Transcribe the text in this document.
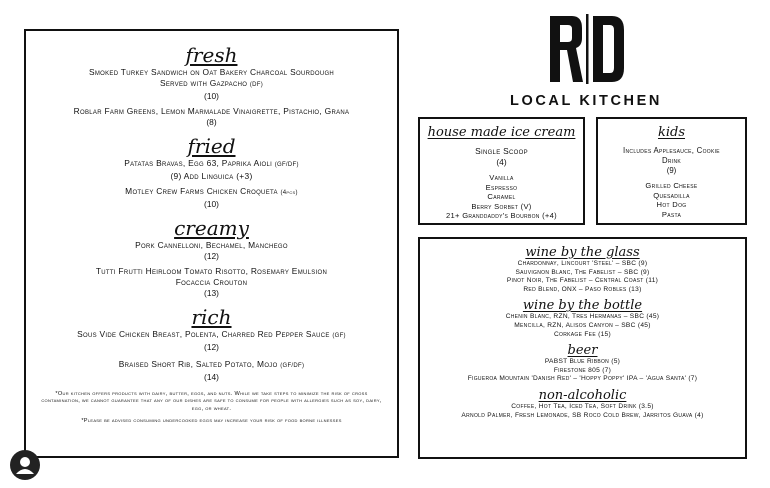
fresh

Smoked Turkey Sandwich on Oat Bakery Charcoal Sourdough

Served with Gazpacho (DF)

(10)

Roblar Farm Greens, Lemon Marmalade Vinaigrette, Pistachio, Grana

(8)

fried

Patatas Bravas, Egg 63, Paprika Aioli (GF/DF)

(9) Add Linguica (+3)

Motley Crew Farms Chicken Croqueta (4pcs)

(10)

creamy

Pork Cannelloni, Bechamel, Manchego

(12)

Tutti Frutti Heirloom Tomato Risotto, Rosemary Emulsion

Focaccia Crouton

(13)

rich

Sous Vide Chicken Breast, Polenta, Charred Red Pepper Sauce (GF)

(12)

Braised Short Rib, Salted Potato, Mojo (GF/DF)

(14)

*Our kitchen offers products with dairy, butter, eggs, and nuts. While we take steps to minimize the risk of cross contamination, we cannot guarantee that any of our dishes are safe to consume for people with allergies such as soy, dairy, egg, or wheat.

*Please be advised consuming undercooked eggs may increase your risk of food borne illnesses

LOCAL KITCHEN

house made ice cream

Single Scoop

(4)

Vanilla

Espresso

Caramel

Berry Sorbet (V)

21+ Granddaddy's Bourbon (+4)

kids

Includes Applesauce, Cookie

Drink

(9)

Grilled Cheese

Quesadilla

Hot Dog

Pasta

wine by the glass

Chardonnay, Lincourt 'Steel' – SBC (9)

Sauvignon Blanc, The Fabelist – SBC (9)

Pinot Noir, The Fabelist – Central Coast (11)

Red Blend, ONX – Paso Robles (13)

wine by the bottle

Chenin Blanc, RZN, Tres Hermanas – SBC (45)

Mencilla, RZN, Alisos Canyon – SBC (45)

Corkage Fee (15)

beer

PABST Blue Ribbon (5)

Firestone 805 (7)

Figueroa Mountain 'Danish Red' – 'Hoppy Poppy' IPA – 'Agua Santa' (7)

non-alcoholic

Coffee, Hot Tea, Iced Tea, Soft Drink (3.5)

Arnold Palmer, Fresh Lemonade, SB Roco Cold Brew, Jarritos Guava (4)
